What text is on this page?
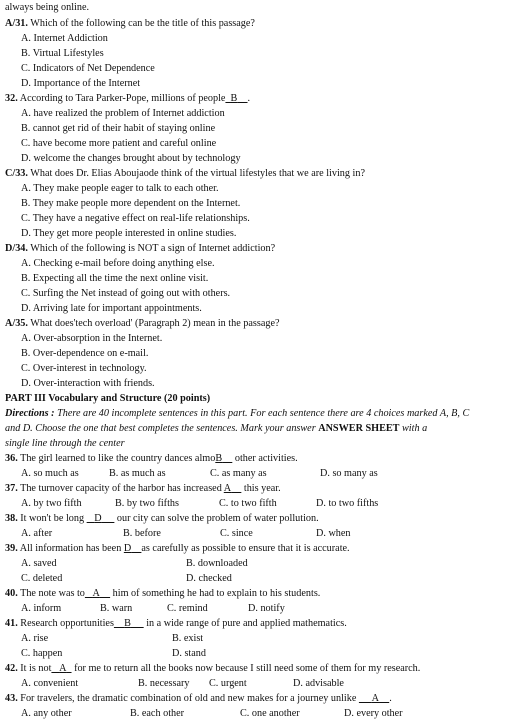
always being online.
A/31. Which of the following can be the title of this passage?
A. Internet Addiction
B. Virtual Lifestyles
C. Indicators of Net Dependence
D. Importance of the Internet
32. According to Tara Parker-Pope, millions of people B .
A. have realized the problem of Internet addiction
B. cannot get rid of their habit of staying online
C. have become more patient and careful online
D. welcome the changes brought about by technology
C/33. What does Dr. Elias Aboujaode think of the virtual lifestyles that we are living in?
A. They make people eager to talk to each other.
B. They make people more dependent on the Internet.
C. They have a negative effect on real-life relationships.
D. They get more people interested in online studies.
D/34. Which of the following is NOT a sign of Internet addiction?
A. Checking e-mail before doing anything else.
B. Expecting all the time the next online visit.
C. Surfing the Net instead of going out with others.
D. Arriving late for important appointments.
A/35. What does'tech overload' (Paragraph 2) mean in the passage?
A. Over-absorption in the Internet.
B. Over-dependence on e-mail.
C. Over-interest in technology.
D. Over-interaction with friends.
PART III Vocabulary and Structure (20 points)
Directions : There are 40 incomplete sentences in this part. For each sentence there are 4 choices marked A, B, C
and D. Choose the one that best completes the sentences. Mark your answer ANSWER SHEET with a
single line through the center
36. The girl learned to like the country dances almoB other activities.
A. so much as	B. as much as	C. as many as	D. so many as
37. The turnover capacity of the harbor has increased A this year.
A. by two fifth	B. by two fifths	C. to two fifth	D. to two fifths
38. It won't be long D our city can solve the problem of water pollution.
A. after	B. before	C. since	D. when
39. All information has been D as carefully as possible to ensure that it is accurate.
A. saved	B. downloaded
C. deleted	D. checked
40. The note was to A him of something he had to explain to his students.
A. inform	B. warn	C. remind	D. notify
41. Research opportunities B in a wide range of pure and applied mathematics.
A. rise	B. exist
C. happen	D. stand
42. It is not A for me to return all the books now because I still need some of them for my research.
A. convenient	B. necessary C. urgent	D. advisable
43. For travelers, the dramatic combination of old and new makes for a journey unlike A .
A. any other	B. each other	C. one another	D. every other
